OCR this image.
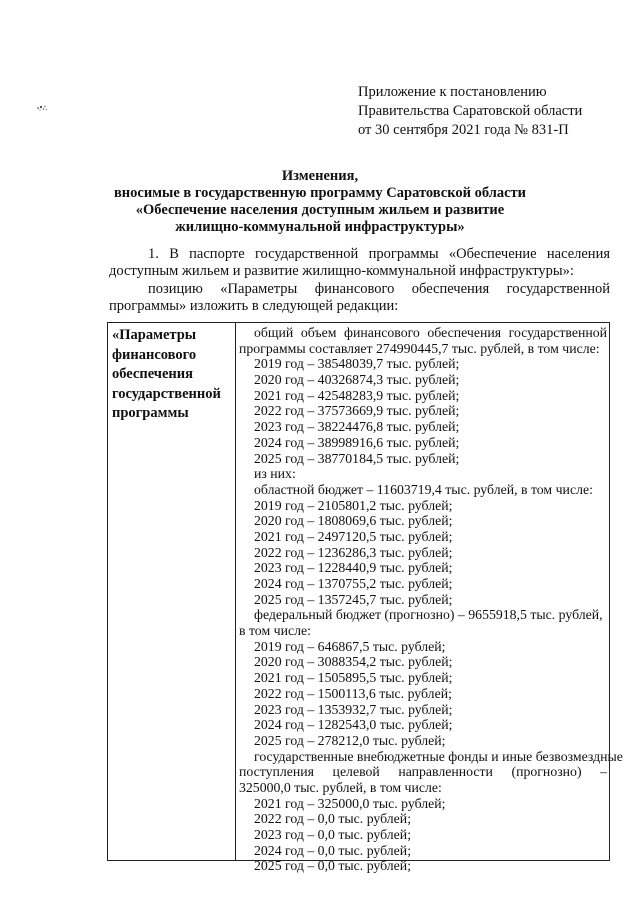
Приложение к постановлению
Правительства Саратовской области
от 30 сентября 2021 года № 831-П
Изменения,
вносимые в государственную программу Саратовской области
«Обеспечение населения доступным жильем и развитие
жилищно-коммунальной инфраструктуры»
1. В паспорте государственной программы «Обеспечение населения
доступным жильем и развитие жилищно-коммунальной инфраструктуры»:
позицию «Параметры финансового обеспечения государственной
программы» изложить в следующей редакции:
«Параметры
финансового
обеспечения
государственной
программы
общий объем финансового обеспечения государственной
программы составляет 274990445,7 тыс. рублей, в том числе:
2019 год – 38548039,7 тыс. рублей;
2020 год – 40326874,3 тыс. рублей;
2021 год – 42548283,9 тыс. рублей;
2022 год – 37573669,9 тыс. рублей;
2023 год – 38224476,8 тыс. рублей;
2024 год – 38998916,6 тыс. рублей;
2025 год – 38770184,5 тыс. рублей;
из них:
областной бюджет – 11603719,4 тыс. рублей, в том числе:
2019 год – 2105801,2 тыс. рублей;
2020 год – 1808069,6 тыс. рублей;
2021 год – 2497120,5 тыс. рублей;
2022 год – 1236286,3 тыс. рублей;
2023 год – 1228440,9 тыс. рублей;
2024 год – 1370755,2 тыс. рублей;
2025 год – 1357245,7 тыс. рублей;
федеральный бюджет (прогнозно) – 9655918,5 тыс. рублей,
в том числе:
2019 год – 646867,5 тыс. рублей;
2020 год – 3088354,2 тыс. рублей;
2021 год – 1505895,5 тыс. рублей;
2022 год – 1500113,6 тыс. рублей;
2023 год – 1353932,7 тыс. рублей;
2024 год – 1282543,0 тыс. рублей;
2025 год – 278212,0 тыс. рублей;
государственные внебюджетные фонды и иные безвозмездные
поступления целевой направленности (прогнозно) –
325000,0 тыс. рублей, в том числе:
2021 год – 325000,0 тыс. рублей;
2022 год – 0,0 тыс. рублей;
2023 год – 0,0 тыс. рублей;
2024 год – 0,0 тыс. рублей;
2025 год – 0,0 тыс. рублей;
